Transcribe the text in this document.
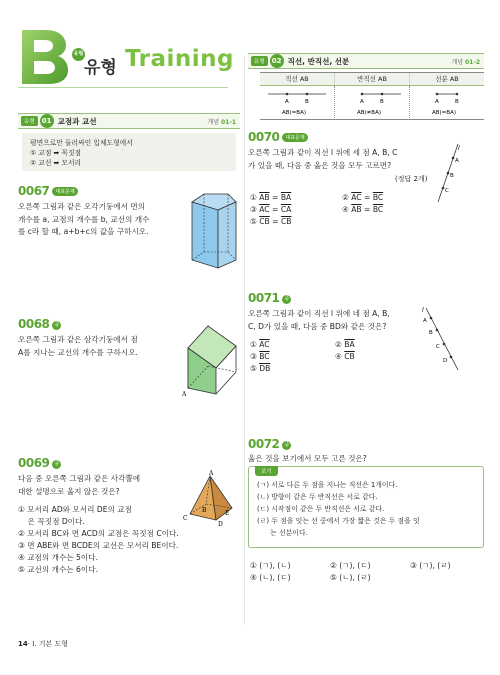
유형
유형 Training
유형	01 교점과 교선	개념 01-1
평면으로만 둘러싸인 입체도형에서
① 교점 ➡ 꼭짓점
② 교선 ➡ 모서리
0067 대표문제
오른쪽 그림과 같은 오각기둥에서 면의
개수를 a, 교점의 개수를 b, 교선의 개수
를 c라 할 때, a+b+c의 값을 구하시오.
0068 중
오른쪽 그림과 같은 삼각기둥에서 점
A를 지나는 교선의 개수를 구하시오.
A
0069 중
다음 중 오른쪽 그림과 같은 사각뿔에
대한 설명으로 옳지 않은 것은?
① 모서리 AD와 모서리 DE의 교점
은 꼭짓점 D이다.
② 모서리 BC와 면 ACD의 교점은 꼭짓점 C이다.
③ 면 ABE와 면 BCDE의 교선은 모서리 BE이다.
④ 교점의 개수는 5이다.
⑤ 교선의 개수는 6이다.
A
B
C
D
E
유형	02 직선, 반직선, 선분	개념 01-2
직선 AB	반직선 AB	선분 AB
A	B
AB(=BA)
A	B
AB(≠BA)
A	B
AB(=BA)
0070 대표문제
오른쪽 그림과 같이 직선 l 위에 세 점 A, B, C
가 있을 때, 다음 중 옳은 것을 모두 고르면?
(정답 2개)
l
A
B
C
① $\overline{AB} = \overline{BA}$	② $\overline{AC} = \overline{BC}$
③ $\overline{AC} = \overline{CA}$	④ $\overline{AB} = \overline{BC}$
⑤ $\overline{CB} = \overline{CB}$
0071 중
오른쪽 그림과 같이 직선 l 위에 네 점 A, B,
C, D가 있을 때, 다음 중 BD와 같은 것은?
l
A
B
C
D
① $\overline{AC}$	② $\overline{BA}$
③ $\overline{BC}$	④ $\overline{CB}$
⑤ $\overline{DB}$
0072 중
옳은 것을 보기에서 모두 고른 것은?
보기
(ㄱ) 서로 다른 두 점을 지나는 직선은 1개이다.
(ㄴ) 방향이 같은 두 반직선은 서로 같다.
(ㄷ) 시작점이 같은 두 반직선은 서로 같다.
(ㄹ) 두 점을 잇는 선 중에서 가장 짧은 것은 두 점을 잇
는 선분이다.
① (ㄱ), (ㄴ)	② (ㄱ), (ㄷ)	③ (ㄱ), (ㄹ)
④ (ㄴ), (ㄷ)	⑤ (ㄴ), (ㄹ)
14· Ⅰ. 기본 도형
